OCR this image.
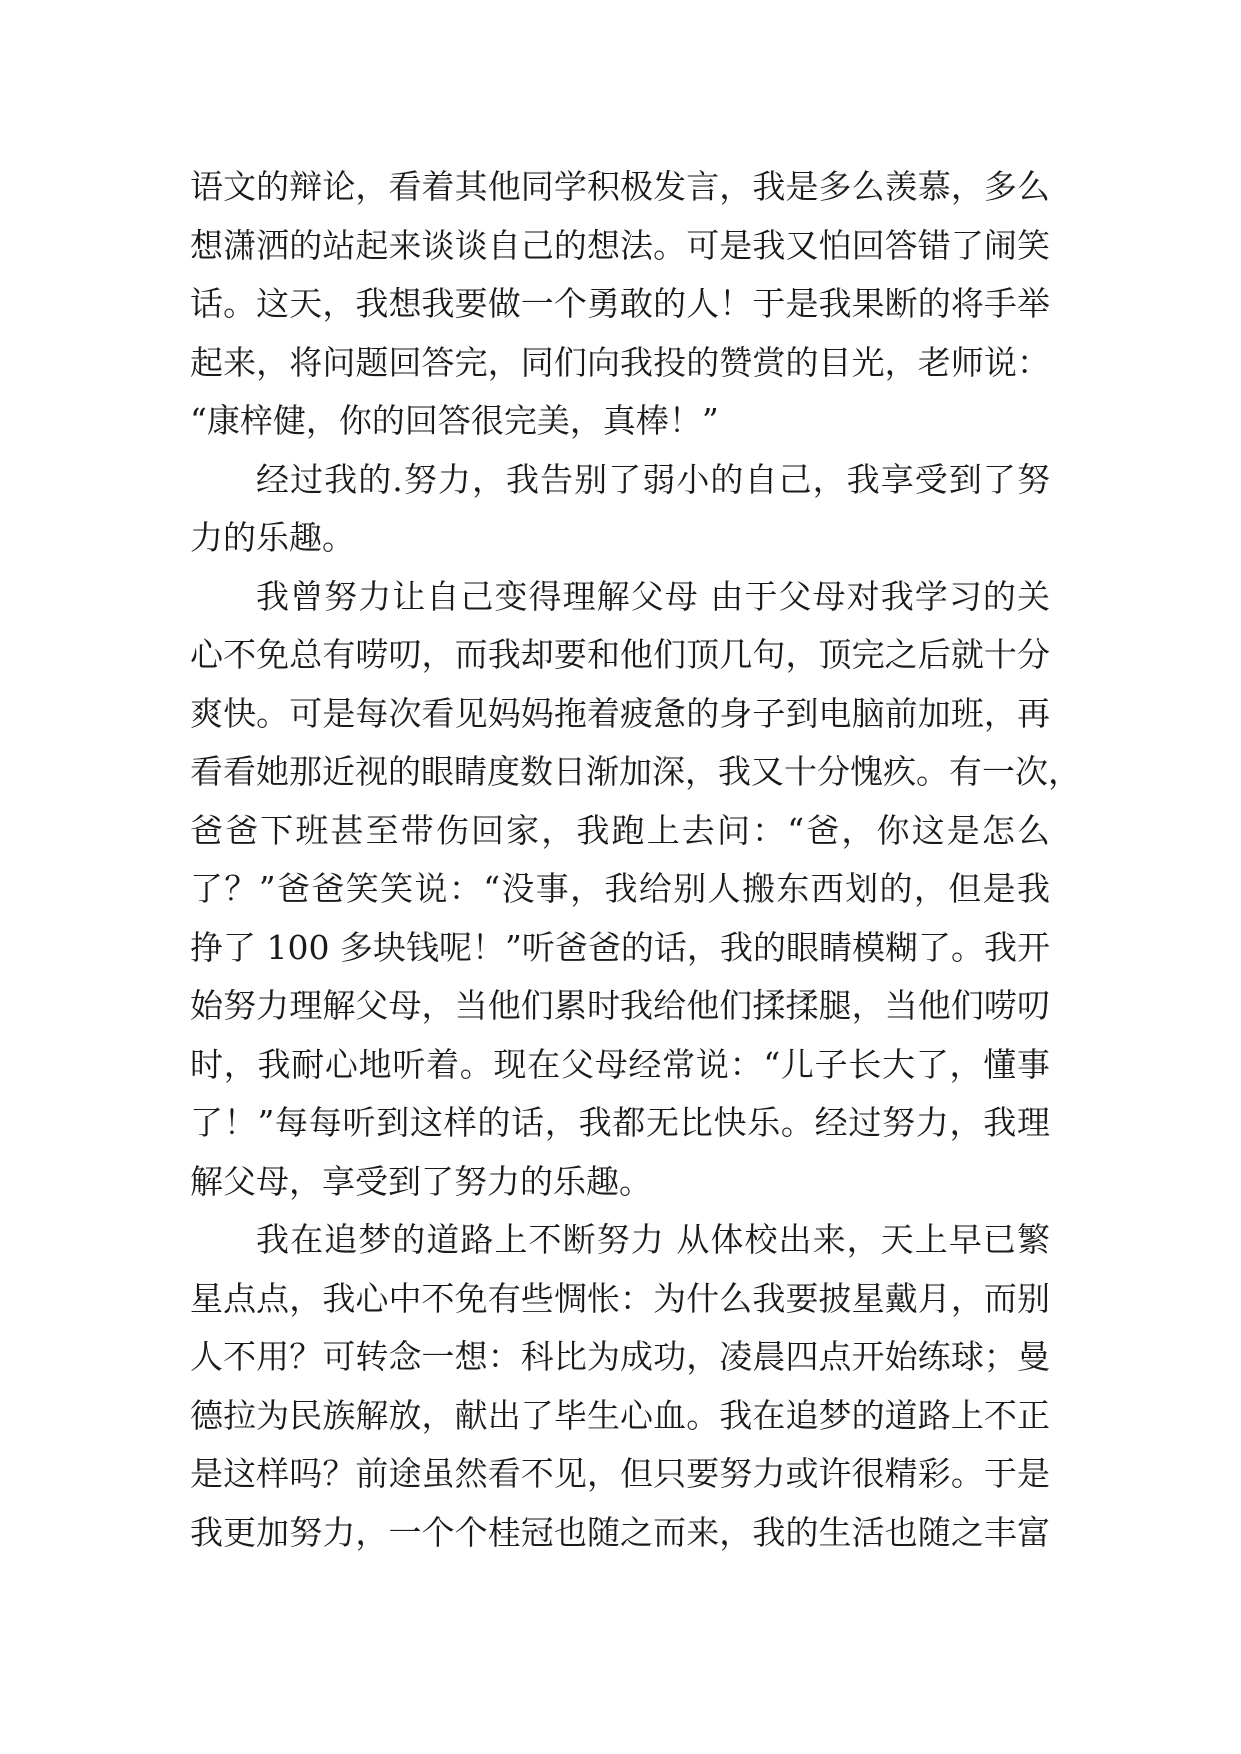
语文的辩论，看着其他同学积极发言，我是多么羡慕，多么
想潇洒的站起来谈谈自己的想法。可是我又怕回答错了闹笑
话。这天，我想我要做一个勇敢的人！于是我果断的将手举
起来，将问题回答完，同们向我投的赞赏的目光，老师说：
“康梓健，你的回答很完美，真棒！”
经过我的.努力，我告别了弱小的自己，我享受到了努
力的乐趣。
我曾努力让自己变得理解父母 由于父母对我学习的关
心不免总有唠叨，而我却要和他们顶几句，顶完之后就十分
爽快。可是每次看见妈妈拖着疲惫的身子到电脑前加班，再
看看她那近视的眼睛度数日渐加深，我又十分愧疚。有一次，
爸爸下班甚至带伤回家，我跑上去问：“爸，你这是怎么
了？”爸爸笑笑说：“没事，我给别人搬东西划的，但是我
挣了 100 多块钱呢！”听爸爸的话，我的眼睛模糊了。我开
始努力理解父母，当他们累时我给他们揉揉腿，当他们唠叨
时，我耐心地听着。现在父母经常说：“儿子长大了，懂事
了！”每每听到这样的话，我都无比快乐。经过努力，我理
解父母，享受到了努力的乐趣。
我在追梦的道路上不断努力 从体校出来，天上早已繁
星点点，我心中不免有些惆怅：为什么我要披星戴月，而别
人不用？可转念一想：科比为成功，凌晨四点开始练球；曼
德拉为民族解放，献出了毕生心血。我在追梦的道路上不正
是这样吗？前途虽然看不见，但只要努力或许很精彩。于是
我更加努力，一个个桂冠也随之而来，我的生活也随之丰富
